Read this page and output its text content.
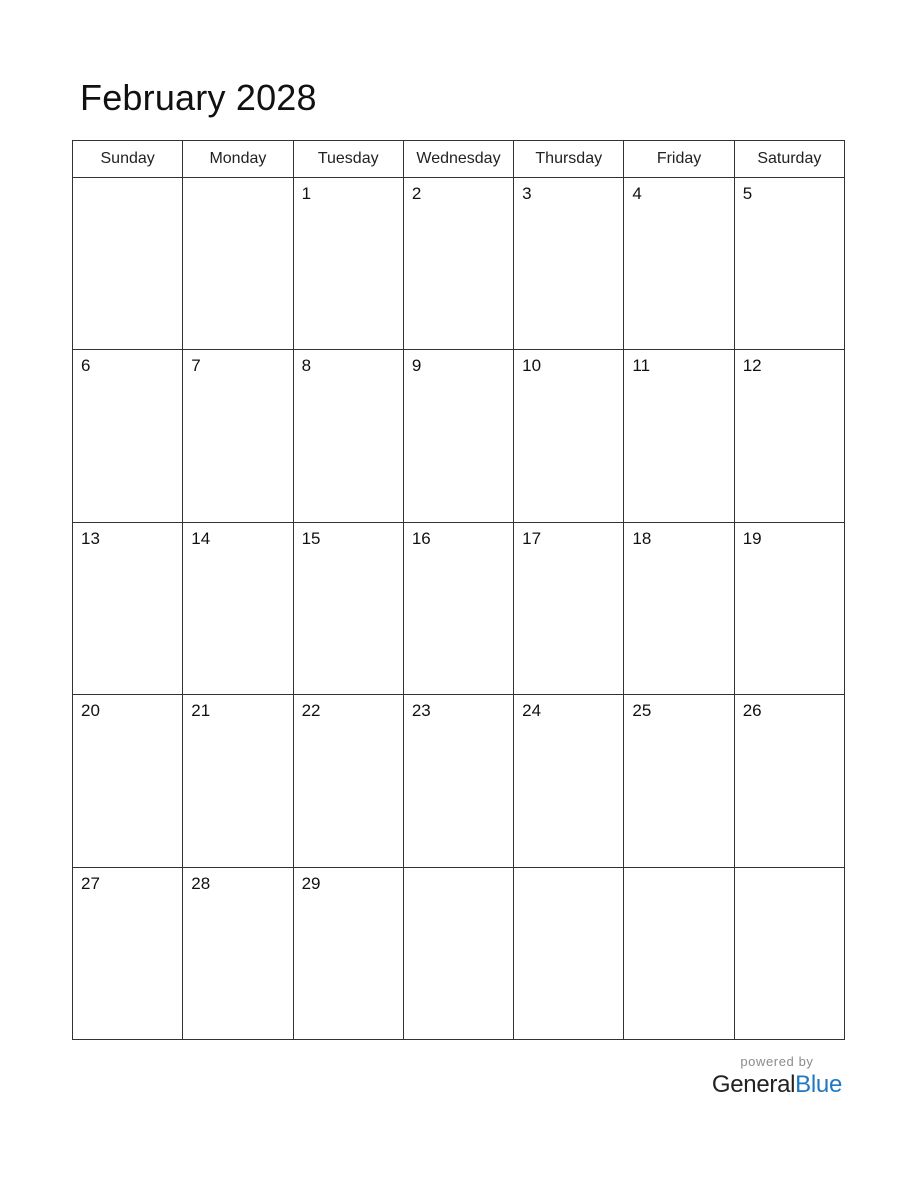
February 2028
Sunday	Monday	Tuesday	Wednesday	Thursday	Friday	Saturday

		1	2	3	4	5

6	7	8	9	10	11	12

13	14	15	16	17	18	19

20	21	22	23	24	25	26

27	28	29				

powered by
GeneralBlue
